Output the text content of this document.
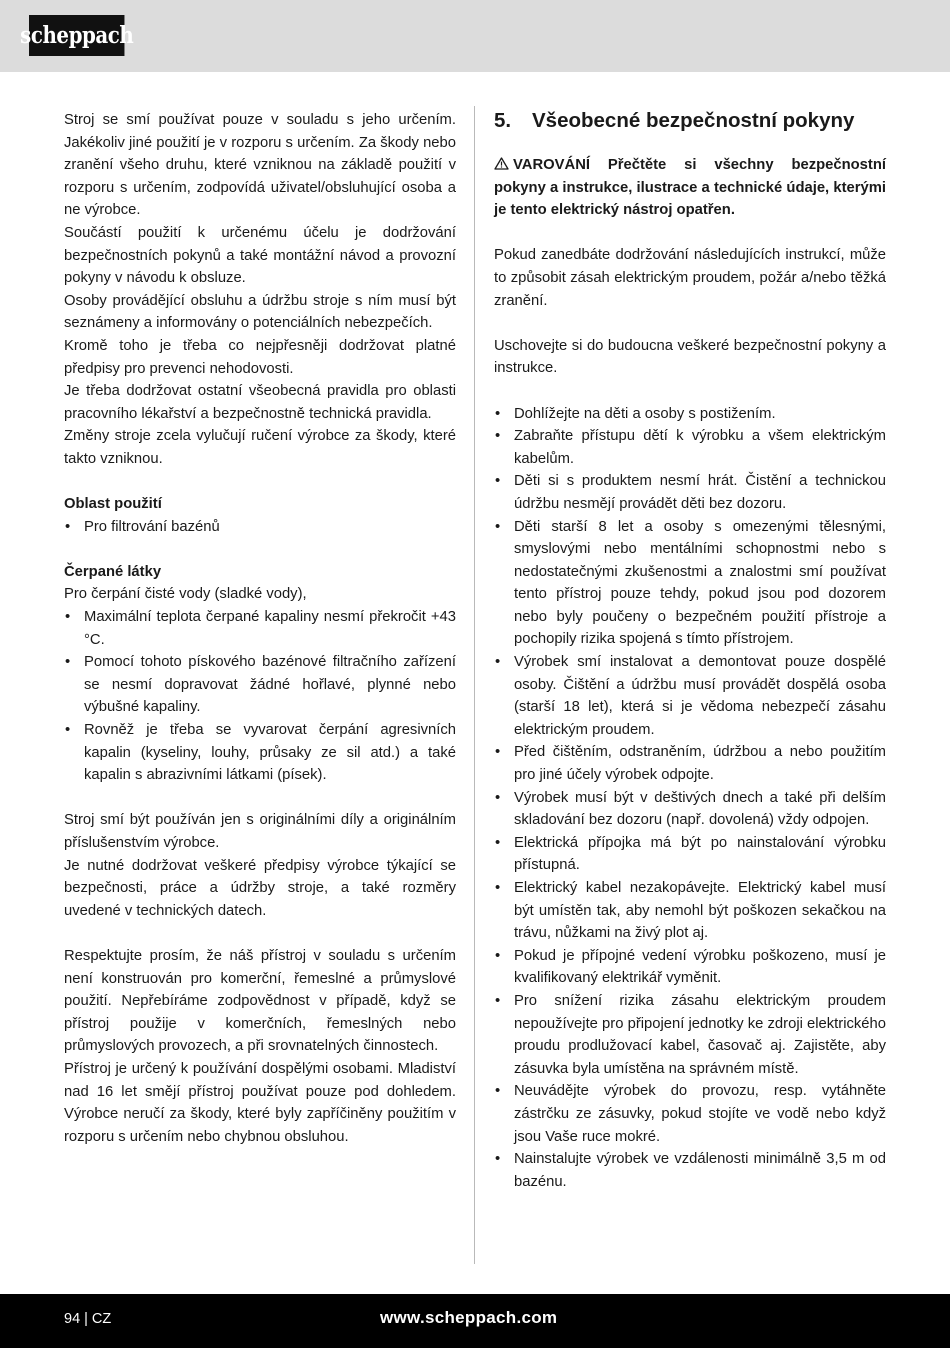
scheppach

Stroj se smí používat pouze v souladu s jeho určením. Jakékoliv jiné použití je v rozporu s určením. Za škody nebo zranění všeho druhu, které vzniknou na základě použití v rozporu s určením, zodpovídá uživatel/obsluhující osoba a ne výrobce.

Součástí použití k určenému účelu je dodržování bezpečnostních pokynů a také montážní návod a provozní pokyny v návodu k obsluze.

Osoby provádějící obsluhu a údržbu stroje s ním musí být seznámeny a informovány o potenciálních nebezpečích.

Kromě toho je třeba co nejpřesněji dodržovat platné předpisy pro prevenci nehodovosti.

Je třeba dodržovat ostatní všeobecná pravidla pro oblasti pracovního lékařství a bezpečnostně technická pravidla.

Změny stroje zcela vylučují ručení výrobce za škody, které takto vzniknou.

Oblast použití

• Pro filtrování bazénů

Čerpané látky

Pro čerpání čisté vody (sladké vody),

• Maximální teplota čerpané kapaliny nesmí překročit +43 °C.
• Pomocí tohoto pískového bazénové filtračního zařízení se nesmí dopravovat žádné hořlavé, plynné nebo výbušné kapaliny.
• Rovněž je třeba se vyvarovat čerpání agresivních kapalin (kyseliny, louhy, průsaky ze sil atd.) a také kapalin s abrazivními látkami (písek).

Stroj smí být používán jen s originálními díly a originálním příslušenstvím výrobce.

Je nutné dodržovat veškeré předpisy výrobce týkající se bezpečnosti, práce a údržby stroje, a také rozměry uvedené v technických datech.

Respektujte prosím, že náš přístroj v souladu s určením není konstruován pro komerční, řemeslné a průmyslové použití. Nepřebíráme zodpovědnost v případě, když se přístroj použije v komerčních, řemeslných nebo průmyslových provozech, a při srovnatelných činnostech.

Přístroj je určený k používání dospělými osobami. Mladiství nad 16 let smějí přístroj používat pouze pod dohledem. Výrobce neručí za škody, které byly zapříčiněny použitím v rozporu s určením nebo chybnou obsluhou.

5.	Všeobecné bezpečnostní pokyny

VAROVÁNÍ Přečtěte si všechny bezpečnostní pokyny a instrukce, ilustrace a technické údaje, kterými je tento elektrický nástroj opatřen.

Pokud zanedbáte dodržování následujících instrukcí, může to způsobit zásah elektrickým proudem, požár a/nebo těžká zranění.

Uschovejte si do budoucna veškeré bezpečnostní pokyny a instrukce.

• Dohlížejte na děti a osoby s postižením.
• Zabraňte přístupu dětí k výrobku a všem elektrickým kabelům.
• Děti si s produktem nesmí hrát. Čistění a technickou údržbu nesmějí provádět děti bez dozoru.
• Děti starší 8 let a osoby s omezenými tělesnými, smyslovými nebo mentálními schopnostmi nebo s nedostatečnými zkušenostmi a znalostmi smí používat tento přístroj pouze tehdy, pokud jsou pod dozorem nebo byly poučeny o bezpečném použití přístroje a pochopily rizika spojená s tímto přístrojem.
• Výrobek smí instalovat a demontovat pouze dospělé osoby. Čištění a údržbu musí provádět dospělá osoba (starší 18 let), která si je vědoma nebezpečí zásahu elektrickým proudem.
• Před čištěním, odstraněním, údržbou a nebo použitím pro jiné účely výrobek odpojte.
• Výrobek musí být v deštivých dnech a také při delším skladování bez dozoru (např. dovolená) vždy odpojen.
• Elektrická přípojka má být po nainstalování výrobku přístupná.
• Elektrický kabel nezakopávejte. Elektrický kabel musí být umístěn tak, aby nemohl být poškozen sekačkou na trávu, nůžkami na živý plot aj.
• Pokud je přípojné vedení výrobku poškozeno, musí je kvalifikovaný elektrikář vyměnit.
• Pro snížení rizika zásahu elektrickým proudem nepoužívejte pro připojení jednotky ke zdroji elektrického proudu prodlužovací kabel, časovač aj. Zajistěte, aby zásuvka byla umístěna na správném místě.
• Neuvádějte výrobek do provozu, resp. vytáhněte zástrčku ze zásuvky, pokud stojíte ve vodě nebo když jsou Vaše ruce mokré.
• Nainstalujte výrobek ve vzdálenosti minimálně 3,5 m od bazénu.
94 | CZ	www.scheppach.com
